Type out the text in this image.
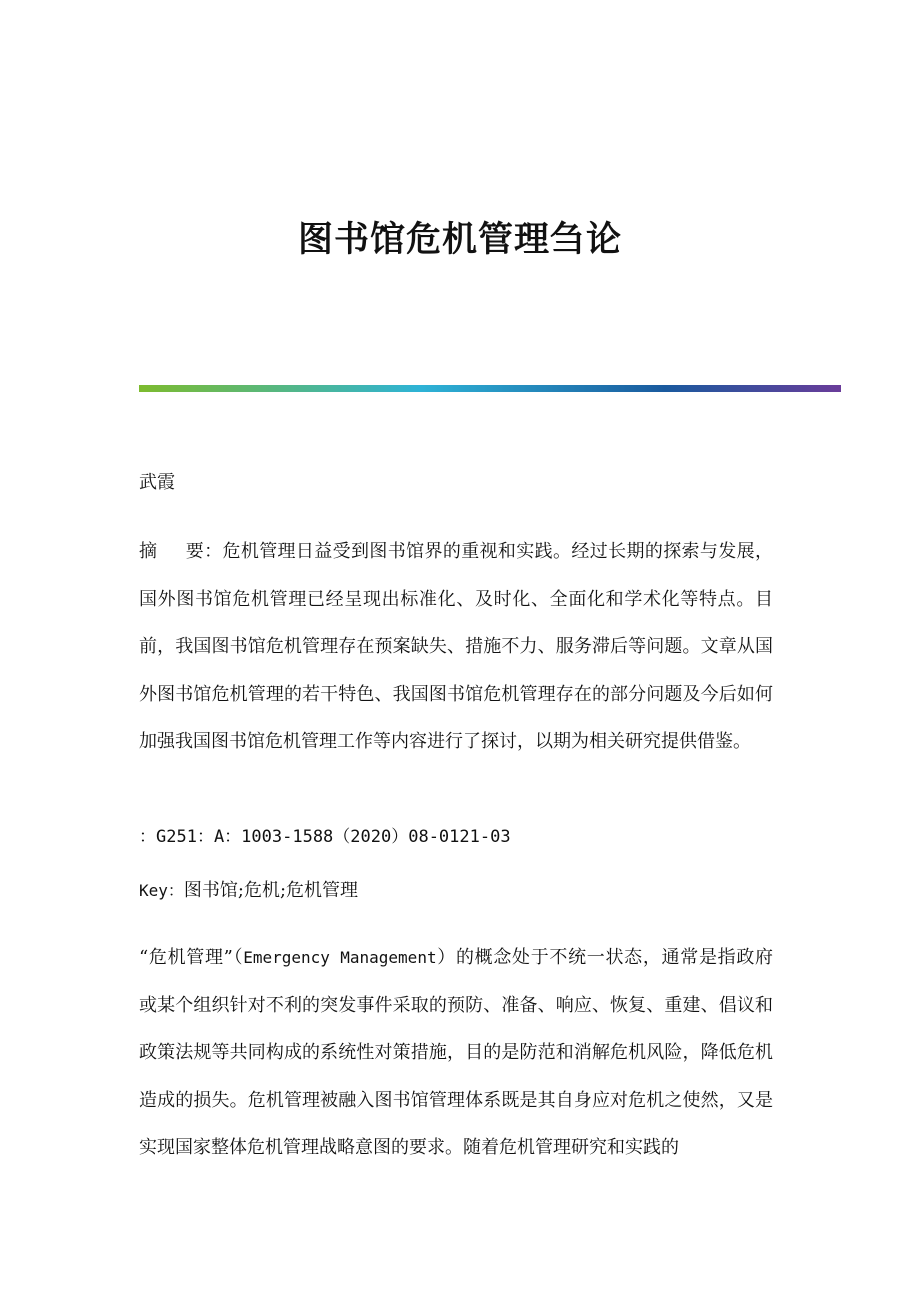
图书馆危机管理刍论

武霞

摘 要：危机管理日益受到图书馆界的重视和实践。经过长期的探索与发展，国外图书馆危机管理已经呈现出标准化、及时化、全面化和学术化等特点。目前，我国图书馆危机管理存在预案缺失、措施不力、服务滞后等问题。文章从国外图书馆危机管理的若干特色、我国图书馆危机管理存在的部分问题及今后如何加强我国图书馆危机管理工作等内容进行了探讨，以期为相关研究提供借鉴。

：G251：A：1003-1588（2020）08-0121-03

Key：图书馆;危机;危机管理

“危机管理”（Emergency Management）的概念处于不统一状态，通常是指政府或某个组织针对不利的突发事件采取的预防、准备、响应、恢复、重建、倡议和政策法规等共同构成的系统性对策措施，目的是防范和消解危机风险，降低危机造成的损失。危机管理被融入图书馆管理体系既是其自身应对危机之使然，又是实现国家整体危机管理战略意图的要求。随着危机管理研究和实践的
